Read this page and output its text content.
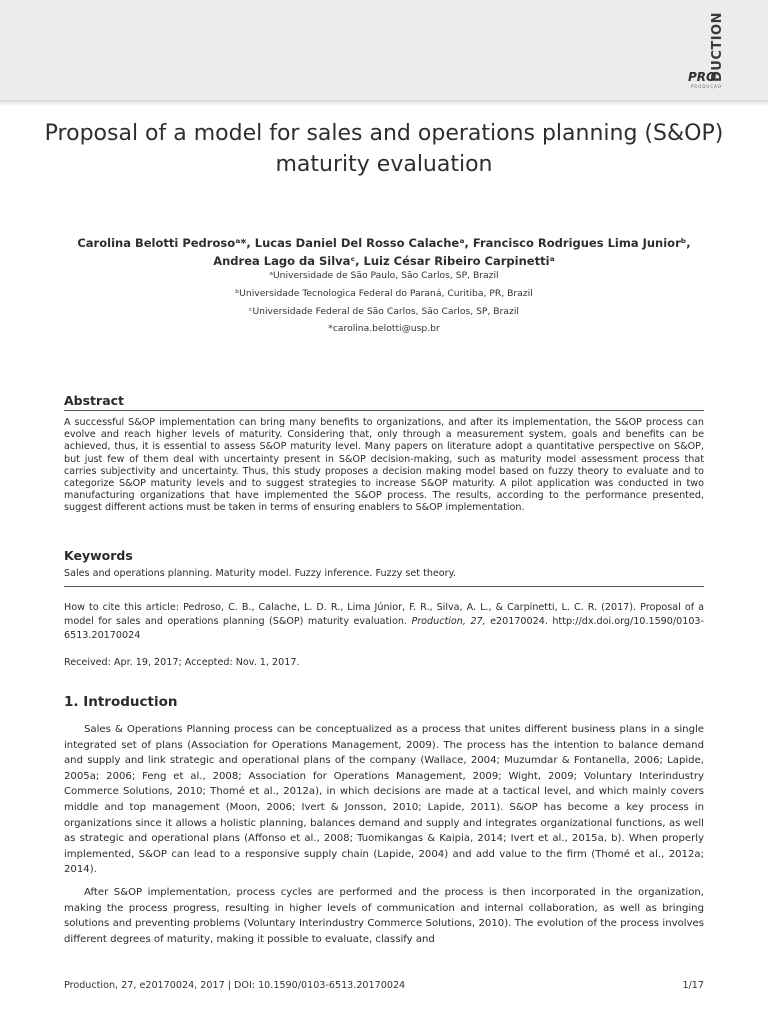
DUCTION
PRO
PRODUÇÃO
Proposal of a model for sales and operations planning (S&OP) maturity evaluation
Carolina Belotti Pedrosoᵃ*, Lucas Daniel Del Rosso Calacheᵃ, Francisco Rodrigues Lima Juniorᵇ,
Andrea Lago da Silvaᶜ, Luiz César Ribeiro Carpinettiᵃ
ᵃUniversidade de São Paulo, São Carlos, SP, Brazil
ᵇUniversidade Tecnologica Federal do Paraná, Curitiba, PR, Brazil
ᶜUniversidade Federal de São Carlos, São Carlos, SP, Brazil
*carolina.belotti@usp.br
Abstract
A successful S&OP implementation can bring many benefits to organizations, and after its implementation, the S&OP process can evolve and reach higher levels of maturity. Considering that, only through a measurement system, goals and benefits can be achieved, thus, it is essential to assess S&OP maturity level. Many papers on literature adopt a quantitative perspective on S&OP, but just few of them deal with uncertainty present in S&OP decision-making, such as maturity model assessment process that carries subjectivity and uncertainty. Thus, this study proposes a decision making model based on fuzzy theory to evaluate and to categorize S&OP maturity levels and to suggest strategies to increase S&OP maturity. A pilot application was conducted in two manufacturing organizations that have implemented the S&OP process. The results, according to the performance presented, suggest different actions must be taken in terms of ensuring enablers to S&OP implementation.
Keywords
Sales and operations planning. Maturity model. Fuzzy inference. Fuzzy set theory.
How to cite this article: Pedroso, C. B., Calache, L. D. R., Lima Júnior, F. R., Silva, A. L., & Carpinetti, L. C. R. (2017). Proposal of a model for sales and operations planning (S&OP) maturity evaluation. Production, 27, e20170024. http://dx.doi.org/10.1590/0103-6513.20170024
Received: Apr. 19, 2017; Accepted: Nov. 1, 2017.
1. Introduction
Sales & Operations Planning process can be conceptualized as a process that unites different business plans in a single integrated set of plans (Association for Operations Management, 2009). The process has the intention to balance demand and supply and link strategic and operational plans of the company (Wallace, 2004; Muzumdar & Fontanella, 2006; Lapide, 2005a; 2006; Feng et al., 2008; Association for Operations Management, 2009; Wight, 2009; Voluntary Interindustry Commerce Solutions, 2010; Thomé et al., 2012a), in which decisions are made at a tactical level, and which mainly covers middle and top management (Moon, 2006; Ivert & Jonsson, 2010; Lapide, 2011). S&OP has become a key process in organizations since it allows a holistic planning, balances demand and supply and integrates organizational functions, as well as strategic and operational plans (Affonso et al., 2008; Tuomikangas & Kaipia, 2014; Ivert et al., 2015a, b). When properly implemented, S&OP can lead to a responsive supply chain (Lapide, 2004) and add value to the firm (Thomé et al., 2012a; 2014).
After S&OP implementation, process cycles are performed and the process is then incorporated in the organization, making the process progress, resulting in higher levels of communication and internal collaboration, as well as bringing solutions and preventing problems (Voluntary Interindustry Commerce Solutions, 2010). The evolution of the process involves different degrees of maturity, making it possible to evaluate, classify and
Production, 27, e20170024, 2017 | DOI: 10.1590/0103-6513.20170024	1/17
